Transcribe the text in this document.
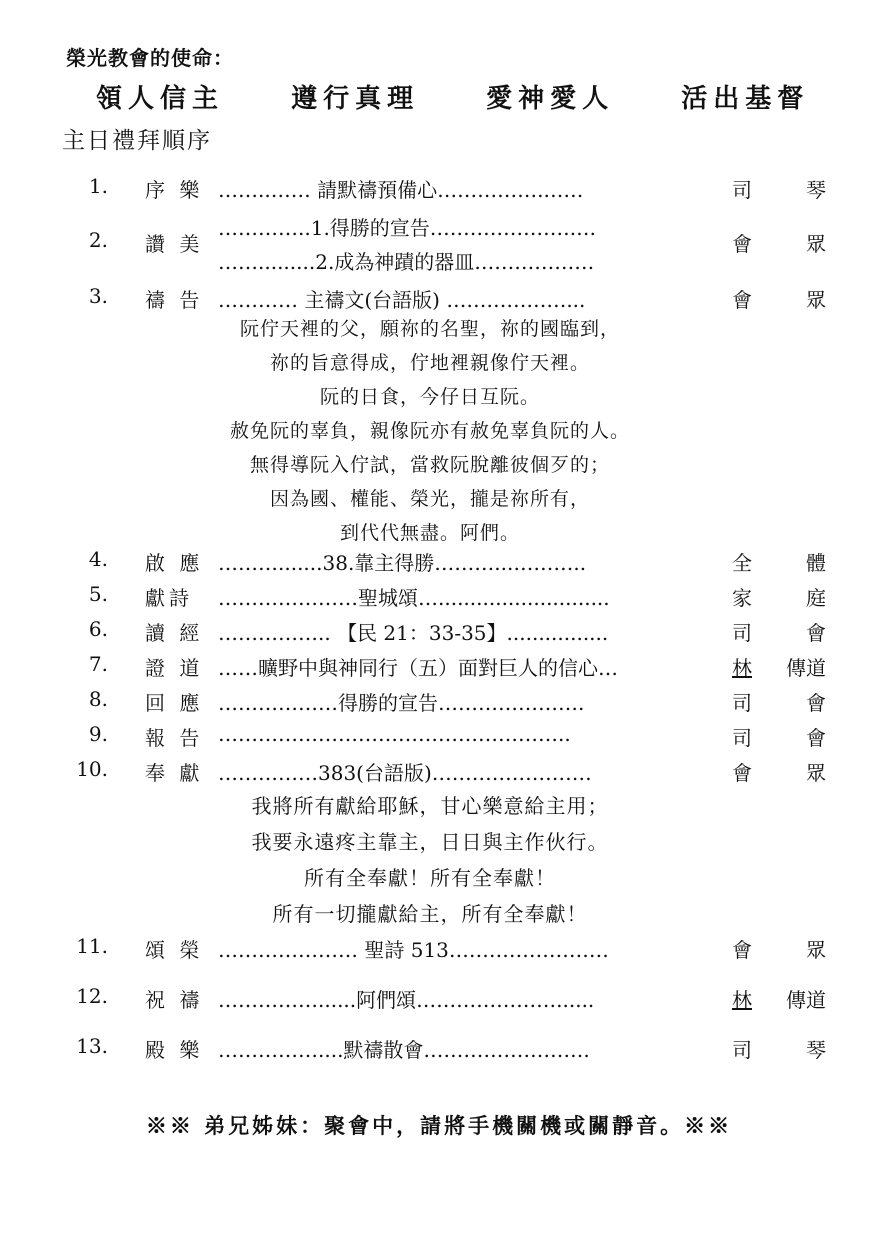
榮光教會的使命：
領人信主	遵行真理	愛神愛人	活出基督
主日禮拜順序
1. 序 樂 ……..…… 請默禱預備心…………….……	司	琴
2. 讚 美
…………..1.得勝的宣告………………….…
…….........2.成為神蹟的器皿………………
會	眾
3. 禱 告 ………… 主禱文(台語版) ………………...	會	眾
阮佇天裡的父，願祢的名聖，祢的國臨到，
祢的旨意得成，佇地裡親像佇天裡。
阮的日食，今仔日互阮。
赦免阮的辜負，親像阮亦有赦免辜負阮的人。
無得導阮入佇試，當救阮脫離彼個歹的；
因為國、權能、榮光，攏是祢所有，
到代代無盡。阿們。
4. 啟 應 ……….......38.靠主得勝………...………..	全	體
5. 獻詩 …………………聖城頌…...........................	家	庭
6. 讀 經 …………….. 【民 21：33-35】................	司	會
7. 證 道 ……曠野中與神同行（五）面對巨人的信心…	林 傳道
8. 回 應 ………………得勝的宣告………………….	司	會
9. 報 告 ……………………………………………..	司	會
10. 奉 獻 ……………383(台語版)……………………	會	眾
我將所有獻給耶穌，甘心樂意給主用；
我要永遠疼主靠主，日日與主作伙行。
所有全奉獻！所有全奉獻！
所有一切攏獻給主，所有全奉獻！
11. 頌 榮 ………………… 聖詩 513……………………	會	眾
12. 祝 禱 ……………......阿們頌…………………......	林 傳道
13. 殿 樂 ……………....默禱散會…………………….	司	琴
※※ 弟兄姊妹：聚會中，請將手機關機或關靜音。※※
